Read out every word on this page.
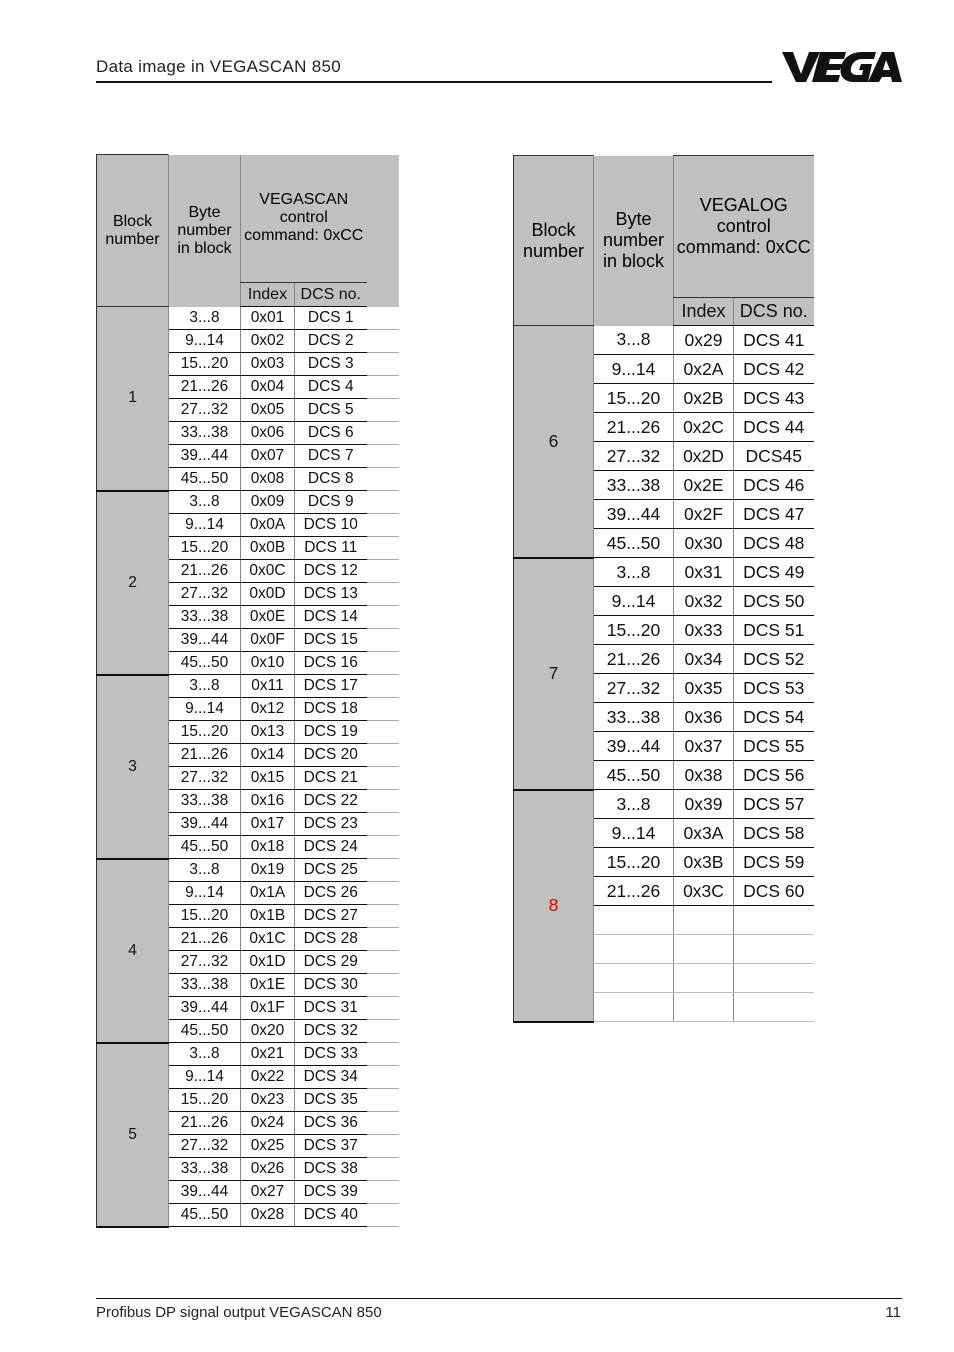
Data image in VEGASCAN 850
Block number	Byte number in block	VEGASCAN control command: 0xCC		
		Index	DCS no.	
1	3...8	0x01	DCS 1	
	9...14	0x02	DCS 2	
	15...20	0x03	DCS 3	
	21...26	0x04	DCS 4	
	27...32	0x05	DCS 5	
	33...38	0x06	DCS 6	
	39...44	0x07	DCS 7	
	45...50	0x08	DCS 8	
2	3...8	0x09	DCS 9	
	9...14	0x0A	DCS 10	
	15...20	0x0B	DCS 11	
	21...26	0x0C	DCS 12	
	27...32	0x0D	DCS 13	
	33...38	0x0E	DCS 14	
	39...44	0x0F	DCS 15	
	45...50	0x10	DCS 16	
3	3...8	0x11	DCS 17	
	9...14	0x12	DCS 18	
	15...20	0x13	DCS 19	
	21...26	0x14	DCS 20	
	27...32	0x15	DCS 21	
	33...38	0x16	DCS 22	
	39...44	0x17	DCS 23	
	45...50	0x18	DCS 24	
4	3...8	0x19	DCS 25	
	9...14	0x1A	DCS 26	
	15...20	0x1B	DCS 27	
	21...26	0x1C	DCS 28	
	27...32	0x1D	DCS 29	
	33...38	0x1E	DCS 30	
	39...44	0x1F	DCS 31	
	45...50	0x20	DCS 32	
5	3...8	0x21	DCS 33	
	9...14	0x22	DCS 34	
	15...20	0x23	DCS 35	
	21...26	0x24	DCS 36	
	27...32	0x25	DCS 37	
	33...38	0x26	DCS 38	
	39...44	0x27	DCS 39	
	45...50	0x28	DCS 40	
Block number	Byte number in block	VEGALOG control command: 0xCC	
		Index	DCS no.
6	3...8	0x29	DCS 41
	9...14	0x2A	DCS 42
	15...20	0x2B	DCS 43
	21...26	0x2C	DCS 44
	27...32	0x2D	DCS45
	33...38	0x2E	DCS 46
	39...44	0x2F	DCS 47
	45...50	0x30	DCS 48
7	3...8	0x31	DCS 49
	9...14	0x32	DCS 50
	15...20	0x33	DCS 51
	21...26	0x34	DCS 52
	27...32	0x35	DCS 53
	33...38	0x36	DCS 54
	39...44	0x37	DCS 55
	45...50	0x38	DCS 56
8	3...8	0x39	DCS 57
	9...14	0x3A	DCS 58
	15...20	0x3B	DCS 59
	21...26	0x3C	DCS 60

Profibus DP signal output VEGASCAN 850	11
